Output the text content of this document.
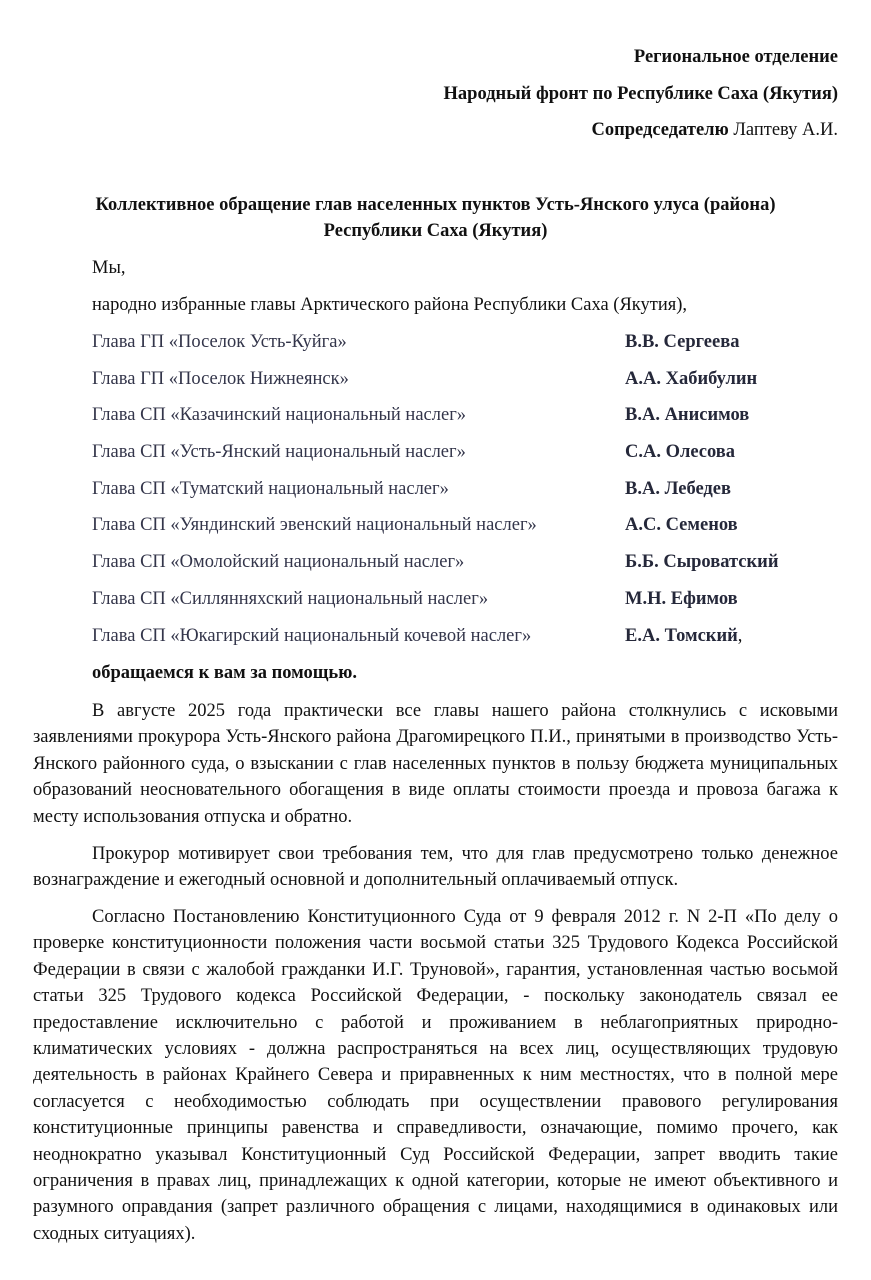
Региональное отделение
Народный фронт по Республике Саха (Якутия)
Сопредседателю Лаптеву А.И.
Коллективное обращение глав населенных пунктов Усть-Янского улуса (района)
Республики Саха (Якутия)
Мы,
народно избранные главы Арктического района Республики Саха (Якутия),
Глава ГП «Поселок Усть-Куйга»	В.В. Сергеева
Глава ГП «Поселок Нижнеянск»	А.А. Хабибулин
Глава СП «Казачинский национальный наслег»	В.А. Анисимов
Глава СП «Усть-Янский национальный наслег»	С.А. Олесова
Глава СП «Туматский национальный наслег»	В.А. Лебедев
Глава СП «Уяндинский эвенский национальный наслег»	А.С. Семенов
Глава СП «Омолойский национальный наслег»	Б.Б. Сыроватский
Глава СП «Силлянняхский национальный наслег»	М.Н. Ефимов
Глава СП «Юкагирский национальный кочевой наслег»	Е.А. Томский,
обращаемся к вам за помощью.

В августе 2025 года практически все главы нашего района столкнулись с исковыми заявлениями прокурора Усть-Янского района Драгомирецкого П.И., принятыми в производство Усть-Янского районного суда, о взыскании с глав населенных пунктов в пользу бюджета муниципальных образований неосновательного обогащения в виде оплаты стоимости проезда и провоза багажа к месту использования отпуска и обратно.

Прокурор мотивирует свои требования тем, что для глав предусмотрено только денежное вознаграждение и ежегодный основной и дополнительный оплачиваемый отпуск.

Согласно Постановлению Конституционного Суда от 9 февраля 2012 г. N 2-П «По делу о проверке конституционности положения части восьмой статьи 325 Трудового Кодекса Российской Федерации в связи с жалобой гражданки И.Г. Труновой», гарантия, установленная частью восьмой статьи 325 Трудового кодекса Российской Федерации, - поскольку законодатель связал ее предоставление исключительно с работой и проживанием в неблагоприятных природно-климатических условиях - должна распространяться на всех лиц, осуществляющих трудовую деятельность в районах Крайнего Севера и приравненных к ним местностях, что в полной мере согласуется с необходимостью соблюдать при осуществлении правового регулирования конституционные принципы равенства и справедливости, означающие, помимо прочего, как неоднократно указывал Конституционный Суд Российской Федерации, запрет вводить такие ограничения в правах лиц, принадлежащих к одной категории, которые не имеют объективного и разумного оправдания (запрет различного обращения с лицами, находящимися в одинаковых или сходных ситуациях).
